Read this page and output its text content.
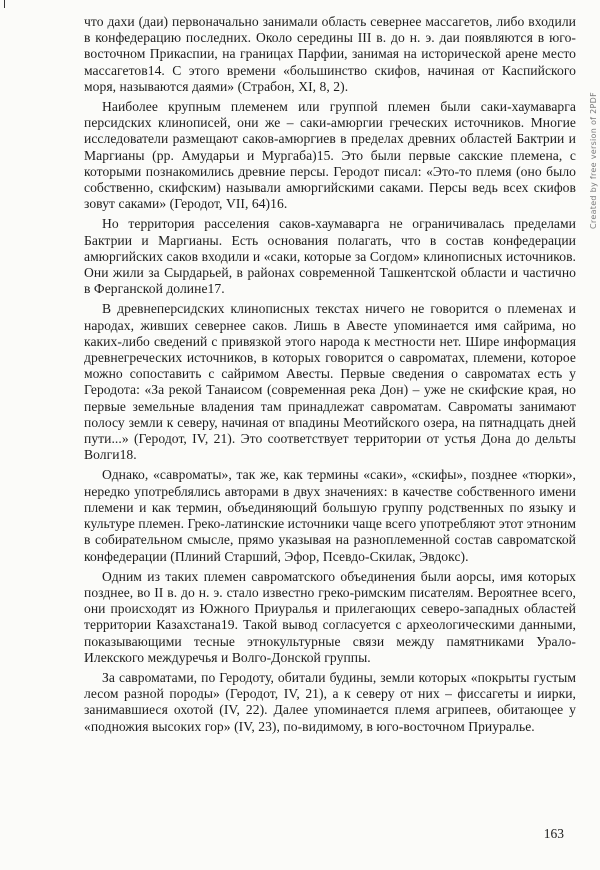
что дахи (даи) первоначально занимали область севернее массагетов, либо входили в конфедерацию последних. Около середины III в. до н. э. даи появляются в юго-восточном Прикаспии, на границах Парфии, занимая на исторической арене место массагетов14. С этого времени «большинство скифов, начиная от Каспийского моря, называются даями» (Страбон, XI, 8, 2).

Наиболее крупным племенем или группой племен были саки-хаумаварга персидских клинописей, они же – саки-амюргии греческих источников. Многие исследователи размещают саков-амюргиев в пределах древних областей Бактрии и Маргианы (рр. Амударьи и Мургаба)15. Это были первые сакские племена, с которыми познакомились древние персы. Геродот писал: «Это-то племя (оно было собственно, скифским) называли амюргийскими саками. Персы ведь всех скифов зовут саками» (Геродот, VII, 64)16.

Но территория расселения саков-хаумаварга не ограничивалась пределами Бактрии и Маргианы. Есть основания полагать, что в состав конфедерации амюргийских саков входили и «саки, которые за Согдом» клинописных источников. Они жили за Сырдарьей, в районах современной Ташкентской области и частично в Ферганской долине17.

В древнеперсидских клинописных текстах ничего не говорится о племенах и народах, живших севернее саков. Лишь в Авесте упоминается имя сайрима, но каких-либо сведений с привязкой этого народа к местности нет. Шире информация древнегреческих источников, в которых говорится о савроматах, племени, которое можно сопоставить с сайримом Авесты. Первые сведения о савроматах есть у Геродота: «За рекой Танаисом (современная река Дон) – уже не скифские края, но первые земельные владения там принадлежат савроматам. Савроматы занимают полосу земли к северу, начиная от впадины Меотийского озера, на пятнадцать дней пути...» (Геродот, IV, 21). Это соответствует территории от устья Дона до дельты Волги18.

Однако, «савроматы», так же, как термины «саки», «скифы», позднее «тюрки», нередко употреблялись авторами в двух значениях: в качестве собственного имени племени и как термин, объединяющий большую группу родственных по языку и культуре племен. Греко-латинские источники чаще всего употребляют этот этноним в собирательном смысле, прямо указывая на разноплеменной состав савроматской конфедерации (Плиний Старший, Эфор, Псевдо-Скилак, Эвдокс).

Одним из таких племен савроматского объединения были аорсы, имя которых позднее, во II в. до н. э. стало известно греко-римским писателям. Вероятнее всего, они происходят из Южного Приуралья и прилегающих северо-западных областей территории Казахстана19. Такой вывод согласуется с археологическими данными, показывающими тесные этнокультурные связи между памятниками Урало-Илекского междуречья и Волго-Донской группы.

За савроматами, по Геродоту, обитали будины, земли которых «покрыты густым лесом разной породы» (Геродот, IV, 21), а к северу от них – фиссагеты и иирки, занимавшиеся охотой (IV, 22). Далее упоминается племя агрипеев, обитающее у «подножия высоких гор» (IV, 23), по-видимому, в юго-восточном Приуралье.

Created by free version of 2PDF
163
